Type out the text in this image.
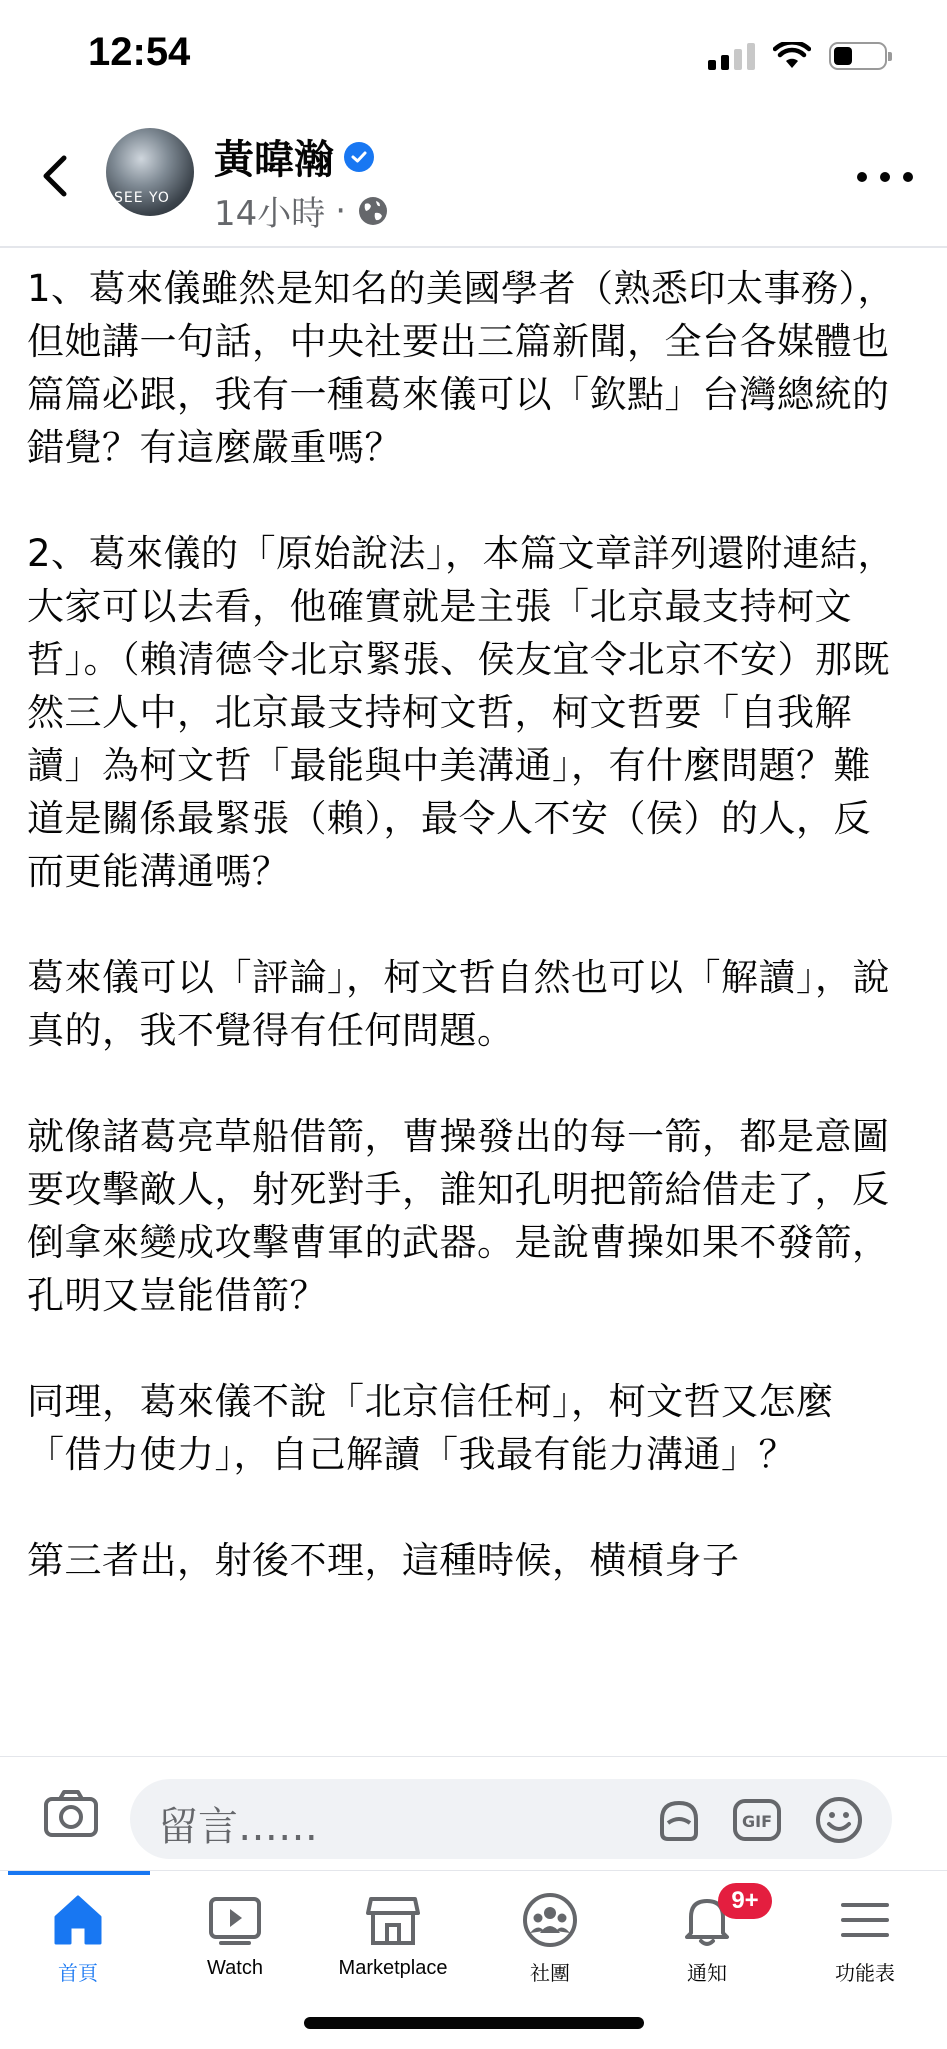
12:54
SEE YO
黃暐瀚
14小時 ·

1、葛來儀雖然是知名的美國學者（熟悉印太事務），但她講一句話，中央社要出三篇新聞，全台各媒體也篇篇必跟，我有一種葛來儀可以「欽點」台灣總統的錯覺？有這麼嚴重嗎？

2、葛來儀的「原始說法」，本篇文章詳列還附連結，大家可以去看，他確實就是主張「北京最支持柯文哲」。（賴清德令北京緊張、侯友宜令北京不安）那既然三人中，北京最支持柯文哲，柯文哲要「自我解讀」為柯文哲「最能與中美溝通」，有什麼問題？難道是關係最緊張（賴），最令人不安（侯）的人，反而更能溝通嗎？

葛來儀可以「評論」，柯文哲自然也可以「解讀」，說真的，我不覺得有任何問題。

就像諸葛亮草船借箭，曹操發出的每一箭，都是意圖要攻擊敵人，射死對手，誰知孔明把箭給借走了，反倒拿來變成攻擊曹軍的武器。是說曹操如果不發箭，孔明又豈能借箭？

同理，葛來儀不說「北京信任柯」，柯文哲又怎麼「借力使力」，自己解讀「我最有能力溝通」？

第三者出，射後不理，這種時候，横槓身子

留言……	GIF
首頁	Watch	Marketplace	社團
9+
通知	功能表
